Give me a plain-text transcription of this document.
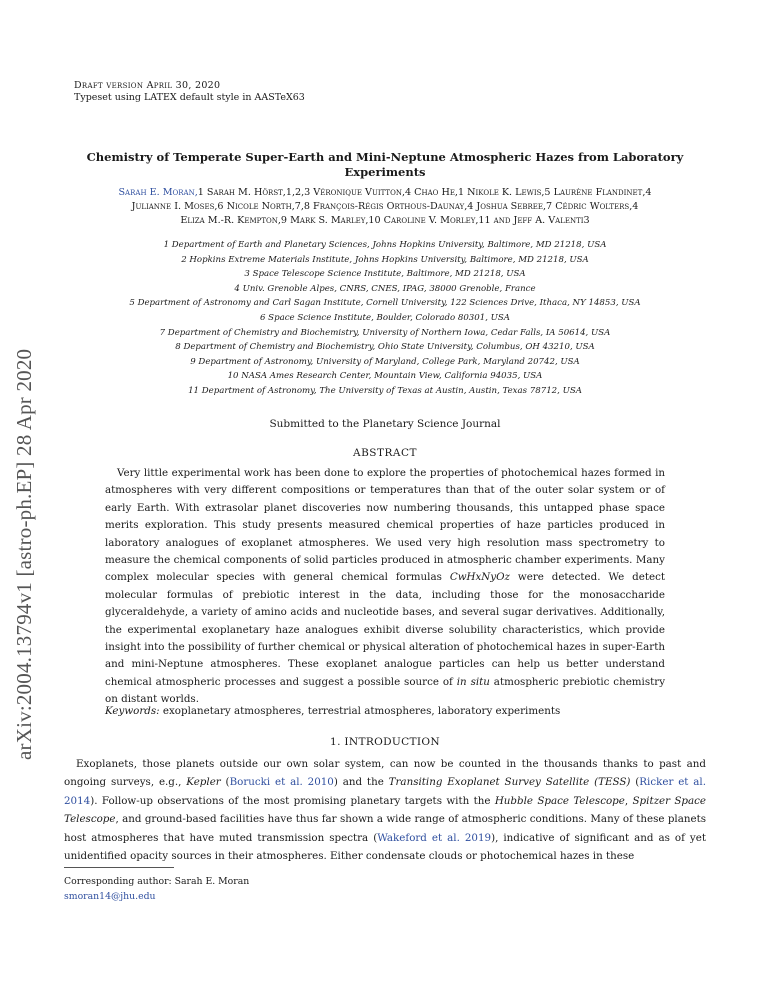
Draft version April 30, 2020
Typeset using LATEX default style in AASTeX63
arXiv:2004.13794v1 [astro-ph.EP] 28 Apr 2020
Chemistry of Temperate Super-Earth and Mini-Neptune Atmospheric Hazes from Laboratory
Experiments
Sarah E. Moran,1 Sarah M. Hörst,1,2,3 Véronique Vuitton,4 Chao He,1 Nikole K. Lewis,5 Laurène Flandinet,4
Julianne I. Moses,6 Nicole North,7,8 François-Régis Orthous-Daunay,4 Joshua Sebree,7 Cédric Wolters,4
Eliza M.-R. Kempton,9 Mark S. Marley,10 Caroline V. Morley,11 and Jeff A. Valenti3
1 Department of Earth and Planetary Sciences, Johns Hopkins University, Baltimore, MD 21218, USA
2 Hopkins Extreme Materials Institute, Johns Hopkins University, Baltimore, MD 21218, USA
3 Space Telescope Science Institute, Baltimore, MD 21218, USA
4 Univ. Grenoble Alpes, CNRS, CNES, IPAG, 38000 Grenoble, France
5 Department of Astronomy and Carl Sagan Institute, Cornell University, 122 Sciences Drive, Ithaca, NY 14853, USA
6 Space Science Institute, Boulder, Colorado 80301, USA
7 Department of Chemistry and Biochemistry, University of Northern Iowa, Cedar Falls, IA 50614, USA
8 Department of Chemistry and Biochemistry, Ohio State University, Columbus, OH 43210, USA
9 Department of Astronomy, University of Maryland, College Park, Maryland 20742, USA
10 NASA Ames Research Center, Mountain View, California 94035, USA
11 Department of Astronomy, The University of Texas at Austin, Austin, Texas 78712, USA
Submitted to the Planetary Science Journal
ABSTRACT
Very little experimental work has been done to explore the properties of photochemical hazes formed in atmospheres with very different compositions or temperatures than that of the outer solar system or of early Earth. With extrasolar planet discoveries now numbering thousands, this untapped phase space merits exploration. This study presents measured chemical properties of haze particles produced in laboratory analogues of exoplanet atmospheres. We used very high resolution mass spectrometry to measure the chemical components of solid particles produced in atmospheric chamber experiments. Many complex molecular species with general chemical formulas CwHxNyOz were detected. We detect molecular formulas of prebiotic interest in the data, including those for the monosaccharide glyceraldehyde, a variety of amino acids and nucleotide bases, and several sugar derivatives. Additionally, the experimental exoplanetary haze analogues exhibit diverse solubility characteristics, which provide insight into the possibility of further chemical or physical alteration of photochemical hazes in super-Earth and mini-Neptune atmospheres. These exoplanet analogue particles can help us better understand chemical atmospheric processes and suggest a possible source of in situ atmospheric prebiotic chemistry on distant worlds.
Keywords: exoplanetary atmospheres, terrestrial atmospheres, laboratory experiments
1. INTRODUCTION
Exoplanets, those planets outside our own solar system, can now be counted in the thousands thanks to past and ongoing surveys, e.g., Kepler (Borucki et al. 2010) and the Transiting Exoplanet Survey Satellite (TESS) (Ricker et al. 2014). Follow-up observations of the most promising planetary targets with the Hubble Space Telescope, Spitzer Space Telescope, and ground-based facilities have thus far shown a wide range of atmospheric conditions. Many of these planets host atmospheres that have muted transmission spectra (Wakeford et al. 2019), indicative of significant and as of yet unidentified opacity sources in their atmospheres. Either condensate clouds or photochemical hazes in these
Corresponding author: Sarah E. Moran
smoran14@jhu.edu
